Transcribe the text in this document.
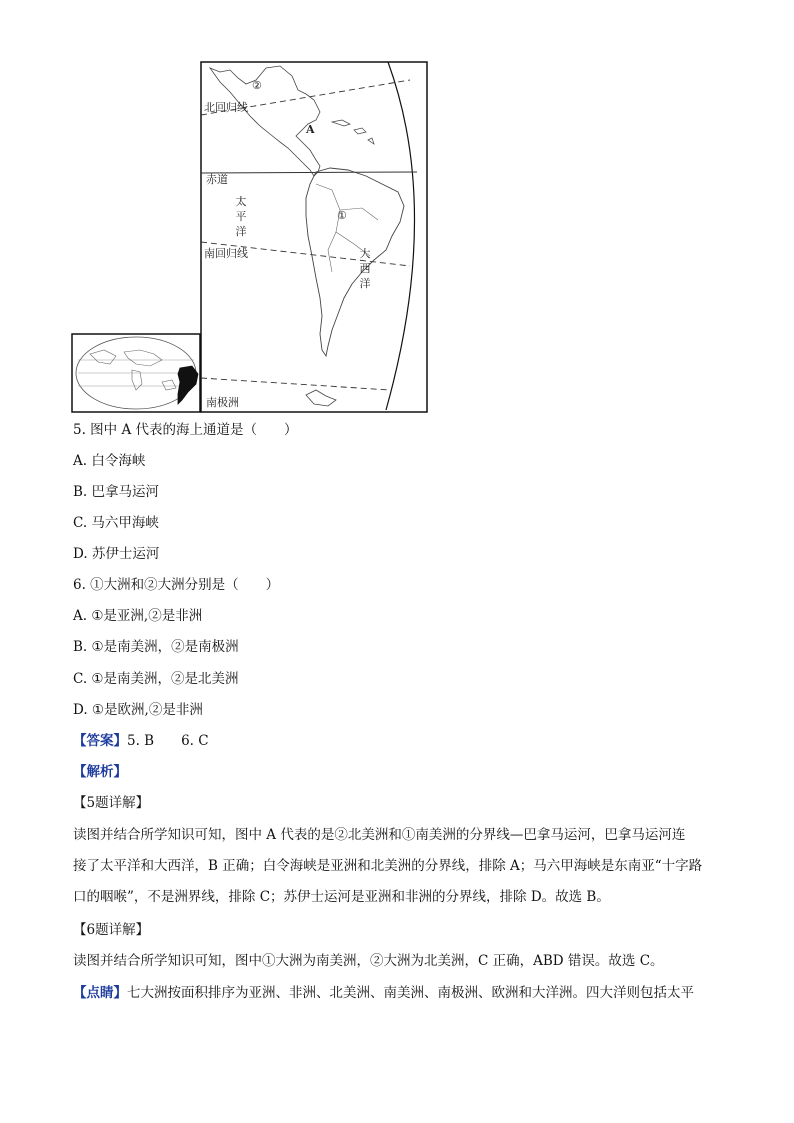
②
北回归线
A
赤道
太
平
洋
①
南回归线	大
西
洋
南极洲
5. 图中 A 代表的海上通道是（　　）
A. 白令海峡
B. 巴拿马运河
C. 马六甲海峡
D. 苏伊士运河
6. ①大洲和②大洲分别是（　　）
A. ①是亚洲,②是非洲
B. ①是南美洲，②是南极洲
C. ①是南美洲，②是北美洲
D. ①是欧洲,②是非洲
【答案】5. B　　6. C
【解析】
【5题详解】
读图并结合所学知识可知，图中 A 代表的是②北美洲和①南美洲的分界线—巴拿马运河，巴拿马运河连
接了太平洋和大西洋，B 正确；白令海峡是亚洲和北美洲的分界线，排除 A；马六甲海峡是东南亚“十字路
口的咽喉”，不是洲界线，排除 C；苏伊士运河是亚洲和非洲的分界线，排除 D。故选 B。
【6题详解】
读图并结合所学知识可知，图中①大洲为南美洲，②大洲为北美洲，C 正确，ABD 错误。故选 C。
【点睛】七大洲按面积排序为亚洲、非洲、北美洲、南美洲、南极洲、欧洲和大洋洲。四大洋则包括太平
